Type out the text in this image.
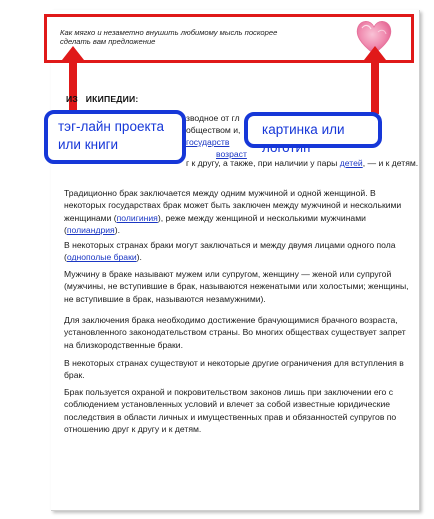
Как мягко и незаметно внушить любимому мысль поскорее сделать вам предложение
ИЗ   ИКИПЕДИИ:
зводное от гл
обществом и,
государств
возраст
г к другу, а также, при наличии у пары детей, — и к детям.

Традиционно брак заключается между одним мужчиной и одной женщиной. В некоторых государствах брак может быть заключен между мужчиной и несколькими женщинами (полигиния), реже между женщиной и несколькими мужчинами (полиандрия).

В некоторых странах браки могут заключаться и между двумя лицами одного пола (однополые браки).

Мужчину в браке называют мужем или супругом, женщину — женой или супругой (мужчины, не вступившие в брак, называются неженатыми или холостыми; женщины, не вступившие в брак, называются незамужними).

Для заключения брака необходимо достижение брачующимися брачного возраста, установленного законодательством страны. Во многих обществах существует запрет на близкородственные браки.

В некоторых странах существуют и некоторые другие ограничения для вступления в брак.

Брак пользуется охраной и покровительством законов лишь при заключении его с соблюдением установленных условий и влечет за собой известные юридические последствия в области личных и имущественных прав и обязанностей супругов по отношению друг к другу и к детям.

тэг-лайн проекта или книги
картинка или логотип
